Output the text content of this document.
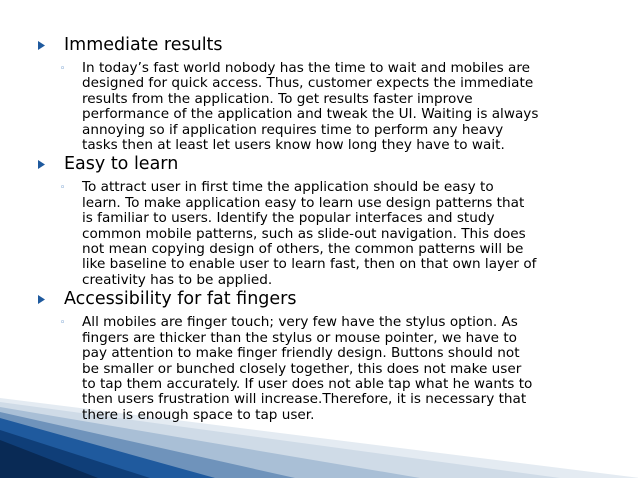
Immediate results
◦ In today’s fast world nobody has the time to wait and mobiles are
designed for quick access. Thus, customer expects the immediate
results from the application. To get results faster improve
performance of the application and tweak the UI. Waiting is always
annoying so if application requires time to perform any heavy
tasks then at least let users know how long they have to wait.
Easy to learn
◦ To attract user in first time the application should be easy to
learn. To make application easy to learn use design patterns that
is familiar to users. Identify the popular interfaces and study
common mobile patterns, such as slide-out navigation. This does
not mean copying design of others, the common patterns will be
like baseline to enable user to learn fast, then on that own layer of
creativity has to be applied.
Accessibility for fat fingers
◦ All mobiles are finger touch; very few have the stylus option. As
fingers are thicker than the stylus or mouse pointer, we have to
pay attention to make finger friendly design. Buttons should not
be smaller or bunched closely together, this does not make user
to tap them accurately. If user does not able tap what he wants to
then users frustration will increase.Therefore, it is necessary that
there is enough space to tap user.
